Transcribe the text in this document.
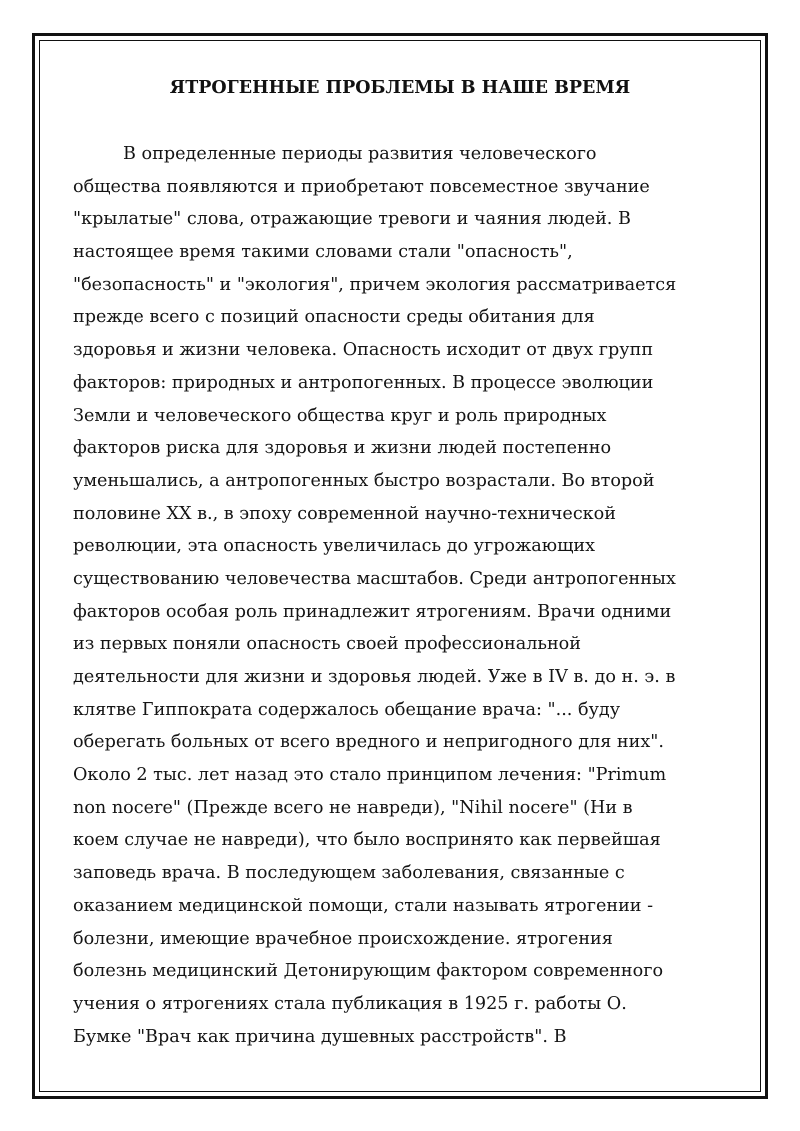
ЯТРОГЕННЫЕ ПРОБЛЕМЫ В НАШЕ ВРЕМЯ
В определенные периоды развития человеческого
общества появляются и приобретают повсеместное звучание
"крылатые" слова, отражающие тревоги и чаяния людей. В
настоящее время такими словами стали "опасность",
"безопасность" и "экология", причем экология рассматривается
прежде всего с позиций опасности среды обитания для
здоровья и жизни человека. Опасность исходит от двух групп
факторов: природных и антропогенных. В процессе эволюции
Земли и человеческого общества круг и роль природных
факторов риска для здоровья и жизни людей постепенно
уменьшались, а антропогенных быстро возрастали. Во второй
половине XX в., в эпоху современной научно-технической
революции, эта опасность увеличилась до угрожающих
существованию человечества масштабов. Среди антропогенных
факторов особая роль принадлежит ятрогениям. Врачи одними
из первых поняли опасность своей профессиональной
деятельности для жизни и здоровья людей. Уже в IV в. до н. э. в
клятве Гиппократа содержалось обещание врача: "... буду
оберегать больных от всего вредного и непригодного для них".
Около 2 тыс. лет назад это стало принципом лечения: "Primum
non nocere" (Прежде всего не навреди), "Nihil nocere" (Ни в
коем случае не навреди), что было воспринято как первейшая
заповедь врача. В последующем заболевания, связанные с
оказанием медицинской помощи, стали называть ятрогении -
болезни, имеющие врачебное происхождение. ятрогения
болезнь медицинский Детонирующим фактором современного
учения о ятрогениях стала публикация в 1925 г. работы О.
Бумке "Врач как причина душевных расстройств". В
